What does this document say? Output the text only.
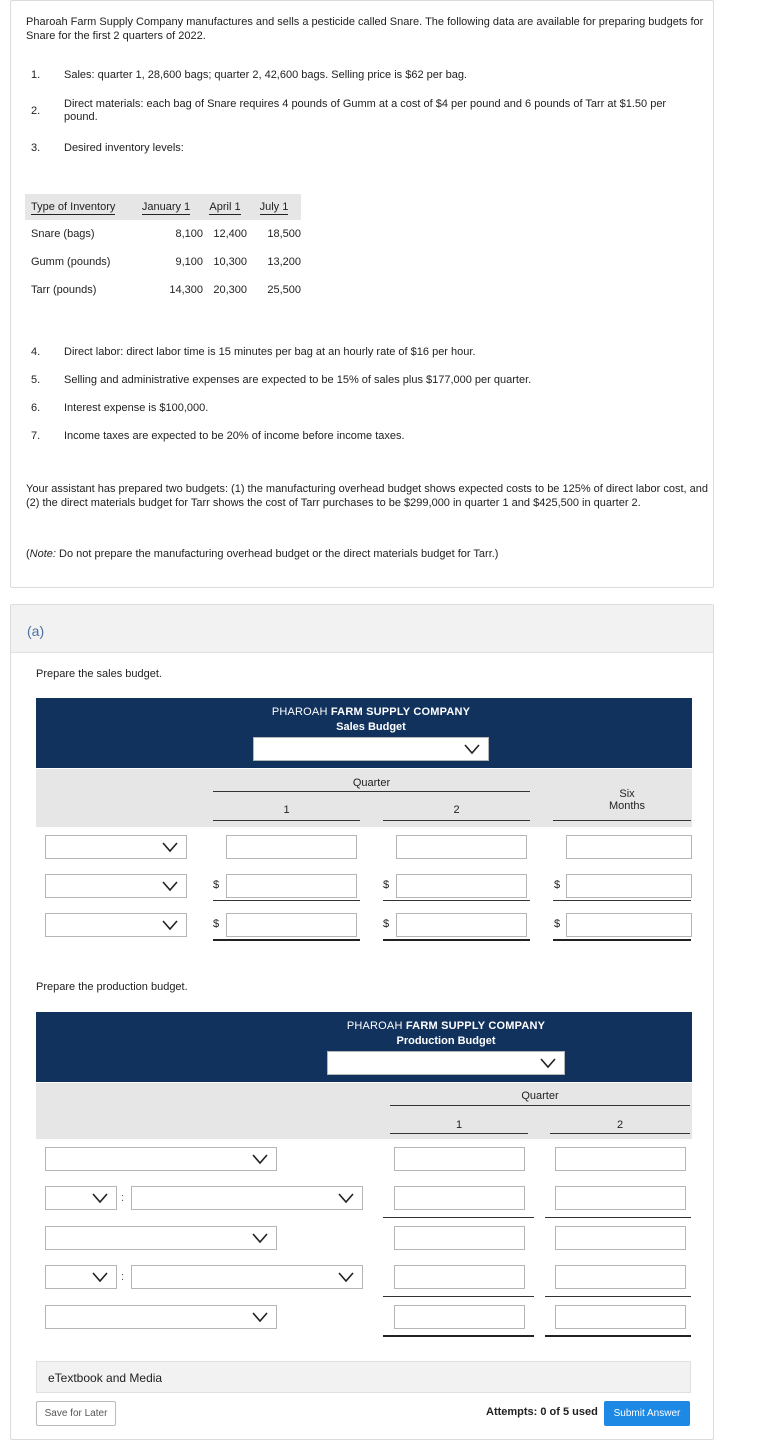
Pharoah Farm Supply Company manufactures and sells a pesticide called Snare. The following data are available for preparing budgets for Snare for the first 2 quarters of 2022.
1. Sales: quarter 1, 28,600 bags; quarter 2, 42,600 bags. Selling price is $62 per bag.
2.
Direct materials: each bag of Snare requires 4 pounds of Gumm at a cost of $4 per pound and 6 pounds of Tarr at $1.50 per pound.
3. Desired inventory levels:
Type of Inventory	January 1	April 1	July 1
Snare (bags)	8,100	12,400	18,500
Gumm (pounds)	9,100	10,300	13,200
Tarr (pounds)	14,300	20,300	25,500
4. Direct labor: direct labor time is 15 minutes per bag at an hourly rate of $16 per hour.
5. Selling and administrative expenses are expected to be 15% of sales plus $177,000 per quarter.
6. Interest expense is $100,000.
7. Income taxes are expected to be 20% of income before income taxes.
Your assistant has prepared two budgets: (1) the manufacturing overhead budget shows expected costs to be 125% of direct labor cost, and (2) the direct materials budget for Tarr shows the cost of Tarr purchases to be $299,000 in quarter 1 and $425,500 in quarter 2.
(Note: Do not prepare the manufacturing overhead budget or the direct materials budget for Tarr.)
(a)
Prepare the sales budget.
PHAROAH FARM SUPPLY COMPANY
Sales Budget
Quarter
1	2
Six
Months
$	$	$
$	$	$
Prepare the production budget.
PHAROAH FARM SUPPLY COMPANY
Production Budget
Quarter
1	2
:
:
eTextbook and Media
Save for Later	Attempts: 0 of 5 used	Submit Answer
